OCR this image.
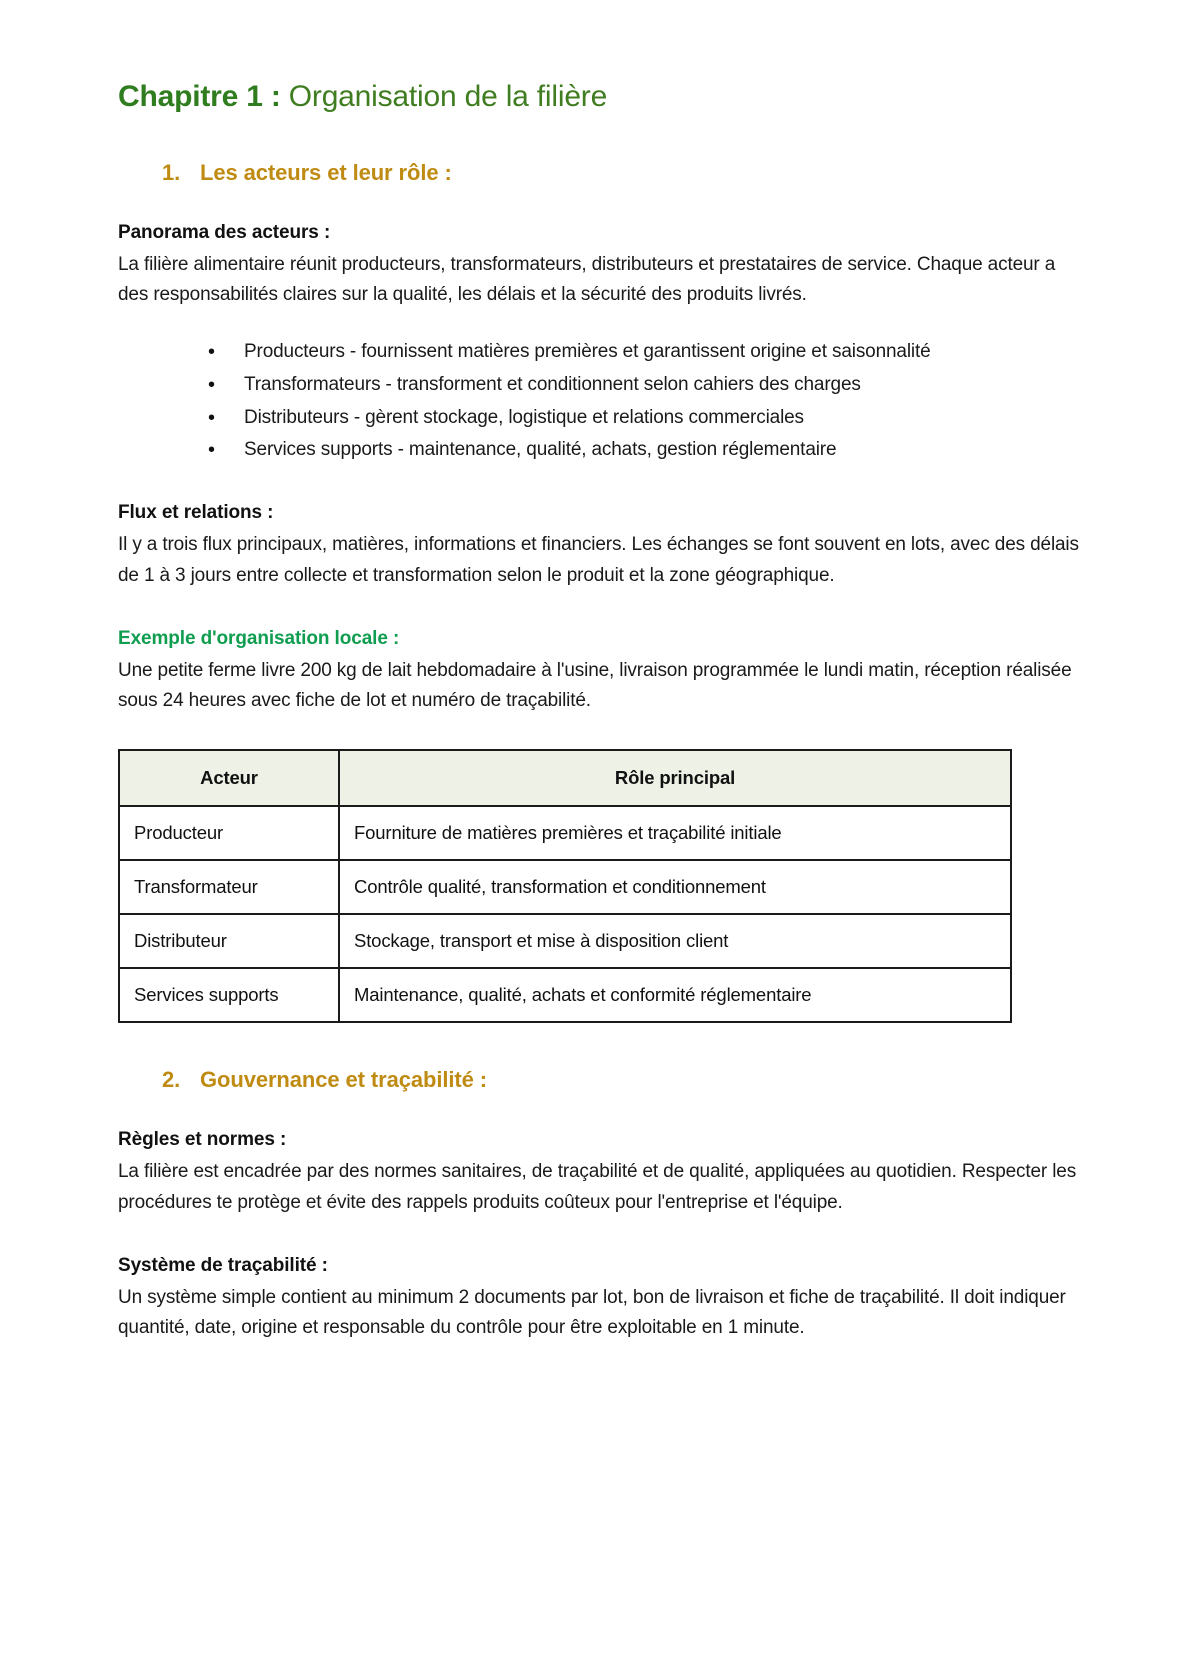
Chapitre 1 : Organisation de la filière
1. Les acteurs et leur rôle :
Panorama des acteurs :

La filière alimentaire réunit producteurs, transformateurs, distributeurs et prestataires de service. Chaque acteur a des responsabilités claires sur la qualité, les délais et la sécurité des produits livrés.

• Producteurs - fournissent matières premières et garantissent origine et saisonnalité
• Transformateurs - transforment et conditionnent selon cahiers des charges
• Distributeurs - gèrent stockage, logistique et relations commerciales
• Services supports - maintenance, qualité, achats, gestion réglementaire
Flux et relations :

Il y a trois flux principaux, matières, informations et financiers. Les échanges se font souvent en lots, avec des délais de 1 à 3 jours entre collecte et transformation selon le produit et la zone géographique.

Exemple d'organisation locale :

Une petite ferme livre 200 kg de lait hebdomadaire à l'usine, livraison programmée le lundi matin, réception réalisée sous 24 heures avec fiche de lot et numéro de traçabilité.

Acteur	Rôle principal
Producteur	Fourniture de matières premières et traçabilité initiale
Transformateur	Contrôle qualité, transformation et conditionnement
Distributeur	Stockage, transport et mise à disposition client
Services supports	Maintenance, qualité, achats et conformité réglementaire
2. Gouvernance et traçabilité :
Règles et normes :

La filière est encadrée par des normes sanitaires, de traçabilité et de qualité, appliquées au quotidien. Respecter les procédures te protège et évite des rappels produits coûteux pour l'entreprise et l'équipe.

Système de traçabilité :

Un système simple contient au minimum 2 documents par lot, bon de livraison et fiche de traçabilité. Il doit indiquer quantité, date, origine et responsable du contrôle pour être exploitable en 1 minute.
